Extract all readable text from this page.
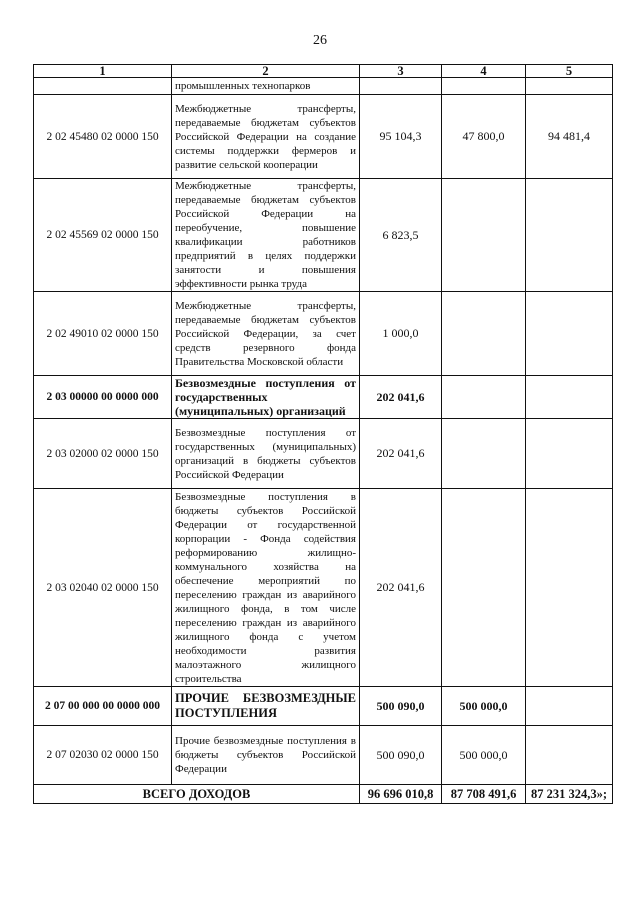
26
1	2	3	4	5
	промышленных технопарков			
2 02 45480 02 0000 150	Межбюджетные трансферты, передаваемые бюджетам субъектов Российской Федерации на создание системы поддержки фермеров и развитие сельской кооперации	95 104,3	47 800,0	94 481,4
2 02 45569 02 0000 150	Межбюджетные трансферты, передаваемые бюджетам субъектов Российской Федерации на переобучение, повышение квалификации работников предприятий в целях поддержки занятости и повышения эффективности рынка труда	6 823,5		
2 02 49010 02 0000 150	Межбюджетные трансферты, передаваемые бюджетам субъектов Российской Федерации, за счет средств резервного фонда Правительства Московской области	1 000,0		
2 03 00000 00 0000 000	Безвозмездные поступления от государственных (муниципальных) организаций	202 041,6		
2 03 02000 02 0000 150	Безвозмездные поступления от государственных (муниципальных) организаций в бюджеты субъектов Российской Федерации	202 041,6		
2 03 02040 02 0000 150	Безвозмездные поступления в бюджеты субъектов Российской Федерации от государственной корпорации - Фонда содействия реформированию жилищно-коммунального хозяйства на обеспечение мероприятий по переселению граждан из аварийного жилищного фонда, в том числе переселению граждан из аварийного жилищного фонда с учетом необходимости развития малоэтажного жилищного строительства	202 041,6		
2 07 00 000 00 0000 000	ПРОЧИЕ БЕЗВОЗМЕЗДНЫЕ ПОСТУПЛЕНИЯ	500 090,0	500 000,0	
2 07 02030 02 0000 150	Прочие безвозмездные поступления в бюджеты субъектов Российской Федерации	500 090,0	500 000,0	
ВСЕГО ДОХОДОВ		96 696 010,8	87 708 491,6	87 231 324,3»;
